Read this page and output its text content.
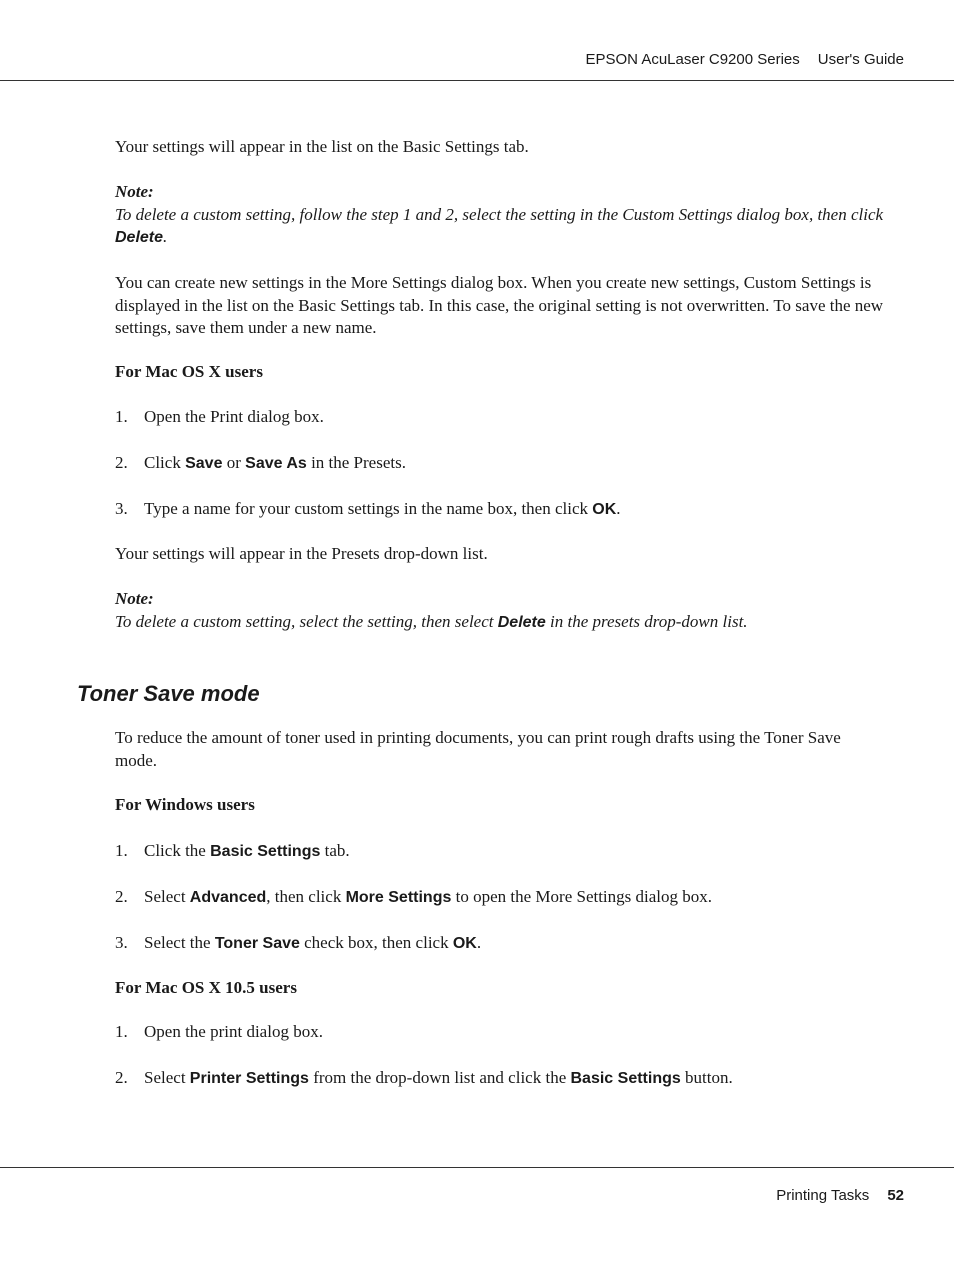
EPSON AcuLaser C9200 Series User's Guide
Your settings will appear in the list on the Basic Settings tab.
Note:
To delete a custom setting, follow the step 1 and 2, select the setting in the Custom Settings dialog box, then click Delete.
You can create new settings in the More Settings dialog box. When you create new settings, Custom Settings is displayed in the list on the Basic Settings tab. In this case, the original setting is not overwritten. To save the new settings, save them under a new name.
For Mac OS X users
1. Open the Print dialog box.
2. Click Save or Save As in the Presets.
3. Type a name for your custom settings in the name box, then click OK.
Your settings will appear in the Presets drop-down list.
Note:
To delete a custom setting, select the setting, then select Delete in the presets drop-down list.
Toner Save mode
To reduce the amount of toner used in printing documents, you can print rough drafts using the Toner Save mode.
For Windows users
1. Click the Basic Settings tab.
2. Select Advanced, then click More Settings to open the More Settings dialog box.
3. Select the Toner Save check box, then click OK.
For Mac OS X 10.5 users
1. Open the print dialog box.
2. Select Printer Settings from the drop-down list and click the Basic Settings button.
Printing Tasks 52
